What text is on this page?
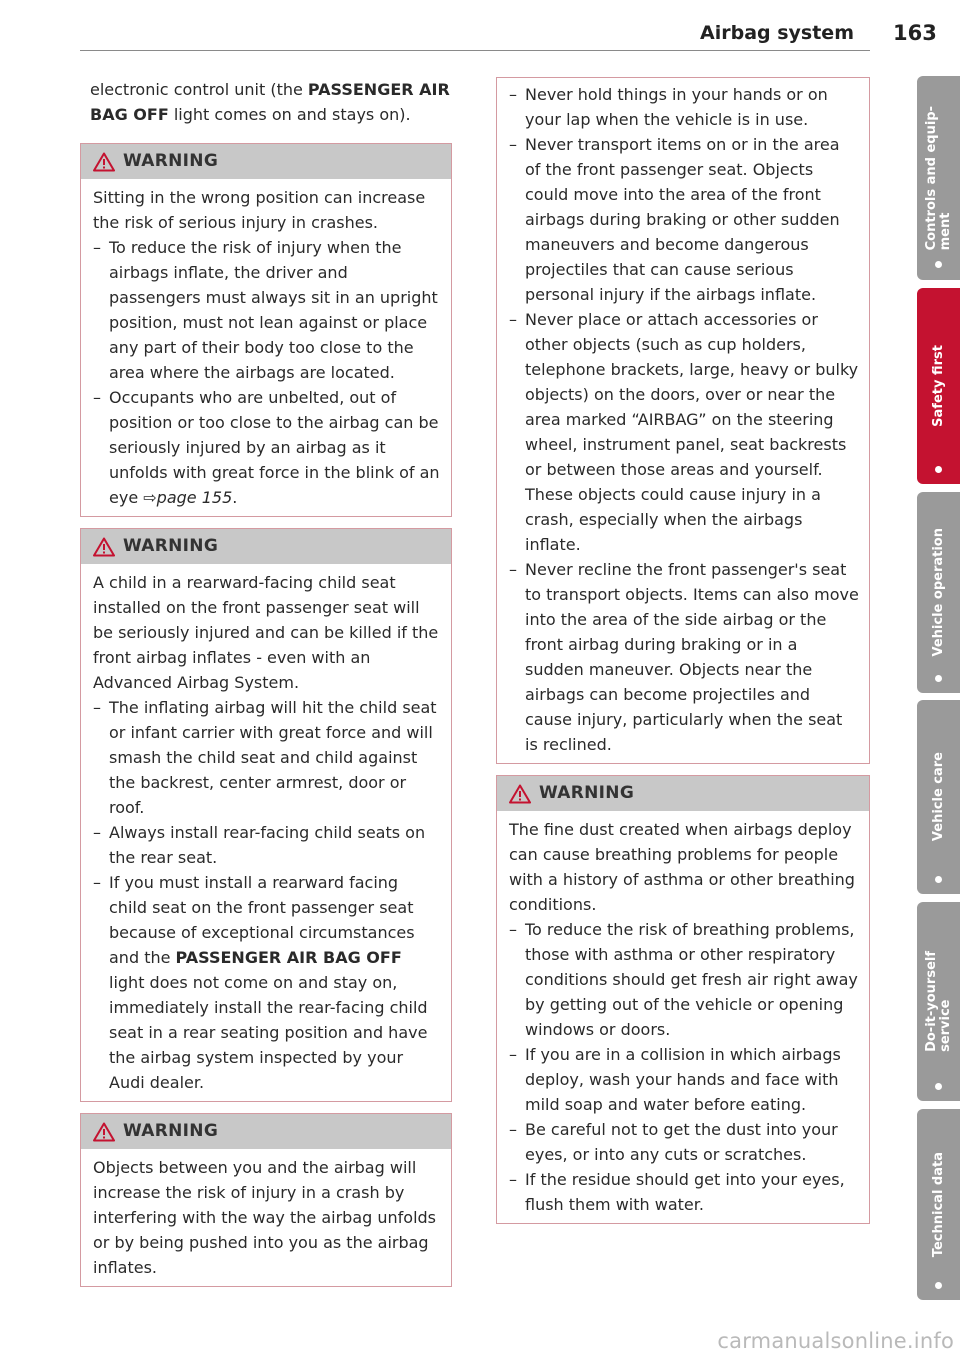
Airbag system 163

electronic control unit (the PASSENGER AIR BAG OFF light comes on and stays on).

WARNING

Sitting in the wrong position can increase the risk of serious injury in crashes.

– To reduce the risk of injury when the airbags inflate, the driver and passengers must always sit in an upright position, must not lean against or place any part of their body too close to the area where the airbags are located.
– Occupants who are unbelted, out of position or too close to the airbag can be seriously injured by an airbag as it unfolds with great force in the blink of an eye ⇨page 155.
WARNING

A child in a rearward-facing child seat installed on the front passenger seat will be seriously injured and can be killed if the front airbag inflates - even with an Advanced Airbag System.

– The inflating airbag will hit the child seat or infant carrier with great force and will smash the child seat and child against the backrest, center armrest, door or roof.
– Always install rear-facing child seats on the rear seat.
– If you must install a rearward facing child seat on the front passenger seat because of exceptional circumstances and the PASSENGER AIR BAG OFF light does not come on and stay on, immediately install the rear-facing child seat in a rear seating position and have the airbag system inspected by your Audi dealer.
WARNING

Objects between you and the airbag will increase the risk of injury in a crash by interfering with the way the airbag unfolds or by being pushed into you as the airbag inflates.

– Never hold things in your hands or on your lap when the vehicle is in use.
– Never transport items on or in the area of the front passenger seat. Objects could move into the area of the front airbags during braking or other sudden maneuvers and become dangerous projectiles that can cause serious personal injury if the airbags inflate.
– Never place or attach accessories or other objects (such as cup holders, telephone brackets, large, heavy or bulky objects) on the doors, over or near the area marked “AIRBAG” on the steering wheel, instrument panel, seat backrests or between those areas and yourself. These objects could cause injury in a crash, especially when the airbags inflate.
– Never recline the front passenger's seat to transport objects. Items can also move into the area of the side airbag or the front airbag during braking or in a sudden maneuver. Objects near the airbags can become projectiles and cause injury, particularly when the seat is reclined.
WARNING

The fine dust created when airbags deploy can cause breathing problems for people with a history of asthma or other breathing conditions.

– To reduce the risk of breathing problems, those with asthma or other respiratory conditions should get fresh air right away by getting out of the vehicle or opening windows or doors.
– If you are in a collision in which airbags deploy, wash your hands and face with mild soap and water before eating.
– Be careful not to get the dust into your eyes, or into any cuts or scratches.
– If the residue should get into your eyes, flush them with water.
Controls and equip-
ment
Safety first
Vehicle operation
Vehicle care
Do-it-yourself
service
Technical data
carmanualsonline.info
